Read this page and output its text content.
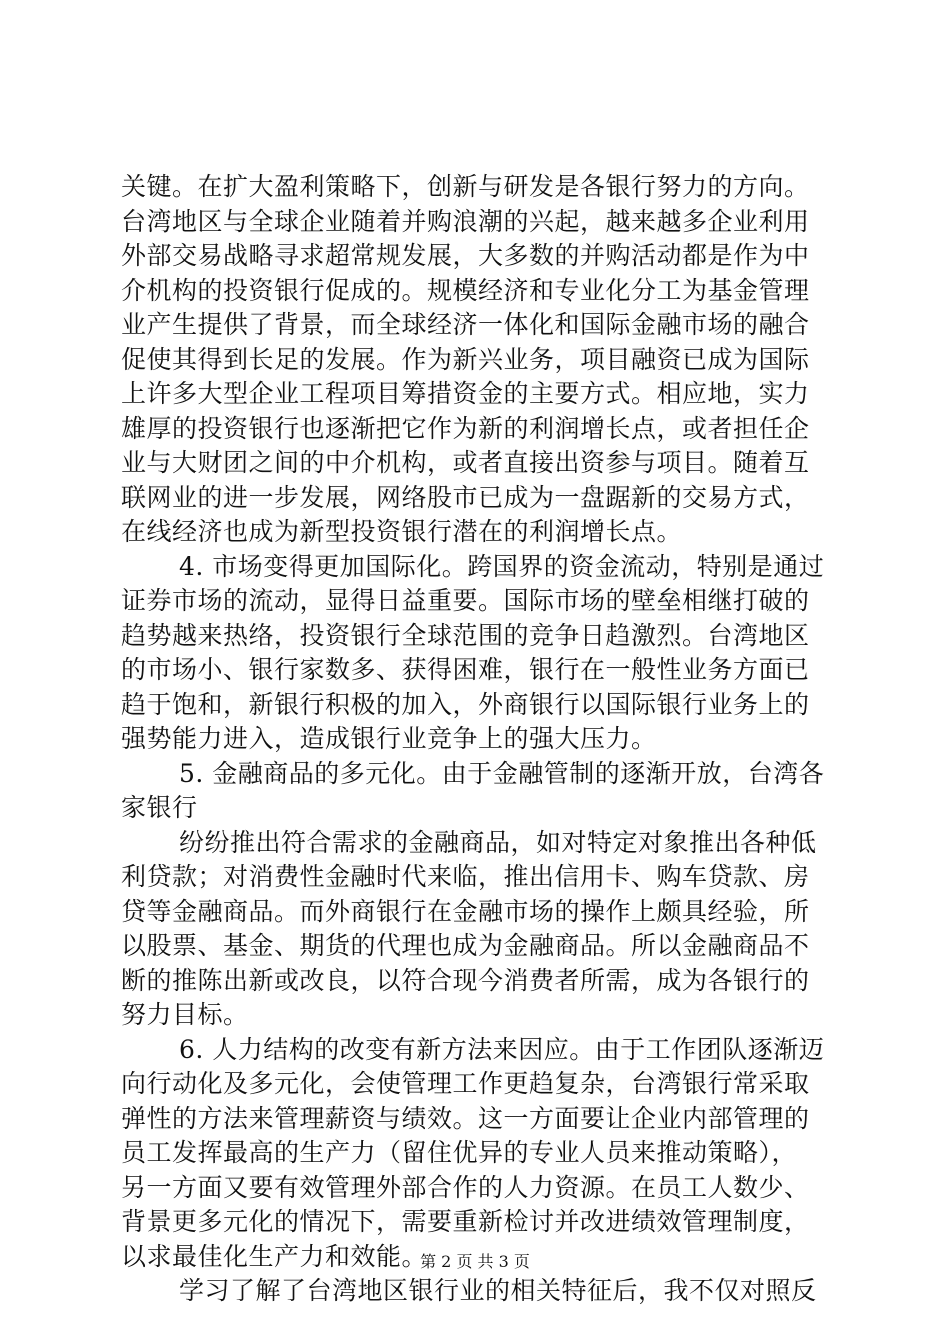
关键。在扩大盈利策略下，创新与研发是各银行努力的方向。
台湾地区与全球企业随着并购浪潮的兴起，越来越多企业利用
外部交易战略寻求超常规发展，大多数的并购活动都是作为中
介机构的投资银行促成的。规模经济和专业化分工为基金管理
业产生提供了背景，而全球经济一体化和国际金融市场的融合
促使其得到长足的发展。作为新兴业务，项目融资已成为国际
上许多大型企业工程项目筹措资金的主要方式。相应地，实力
雄厚的投资银行也逐渐把它作为新的利润增长点，或者担任企
业与大财团之间的中介机构，或者直接出资参与项目。随着互
联网业的进一步发展，网络股市已成为一盘踞新的交易方式，
在线经济也成为新型投资银行潜在的利润增长点。
4. 市场变得更加国际化。跨国界的资金流动，特别是通过
证券市场的流动，显得日益重要。国际市场的壁垒相继打破的
趋势越来热络，投资银行全球范围的竞争日趋激烈。台湾地区
的市场小、银行家数多、获得困难，银行在一般性业务方面已
趋于饱和，新银行积极的加入，外商银行以国际银行业务上的
强势能力进入，造成银行业竞争上的强大压力。
5. 金融商品的多元化。由于金融管制的逐渐开放，台湾各
家银行
纷纷推出符合需求的金融商品，如对特定对象推出各种低
利贷款；对消费性金融时代来临，推出信用卡、购车贷款、房
贷等金融商品。而外商银行在金融市场的操作上颇具经验，所
以股票、基金、期货的代理也成为金融商品。所以金融商品不
断的推陈出新或改良，以符合现今消费者所需，成为各银行的
努力目标。
6. 人力结构的改变有新方法来因应。由于工作团队逐渐迈
向行动化及多元化，会使管理工作更趋复杂，台湾银行常采取
弹性的方法来管理薪资与绩效。这一方面要让企业内部管理的
员工发挥最高的生产力（留住优异的专业人员来推动策略），
另一方面又要有效管理外部合作的人力资源。在员工人数少、
背景更多元化的情况下，需要重新检讨并改进绩效管理制度，
以求最佳化生产力和效能。
学习了解了台湾地区银行业的相关特征后，我不仅对照反
第 2 页 共 3 页
